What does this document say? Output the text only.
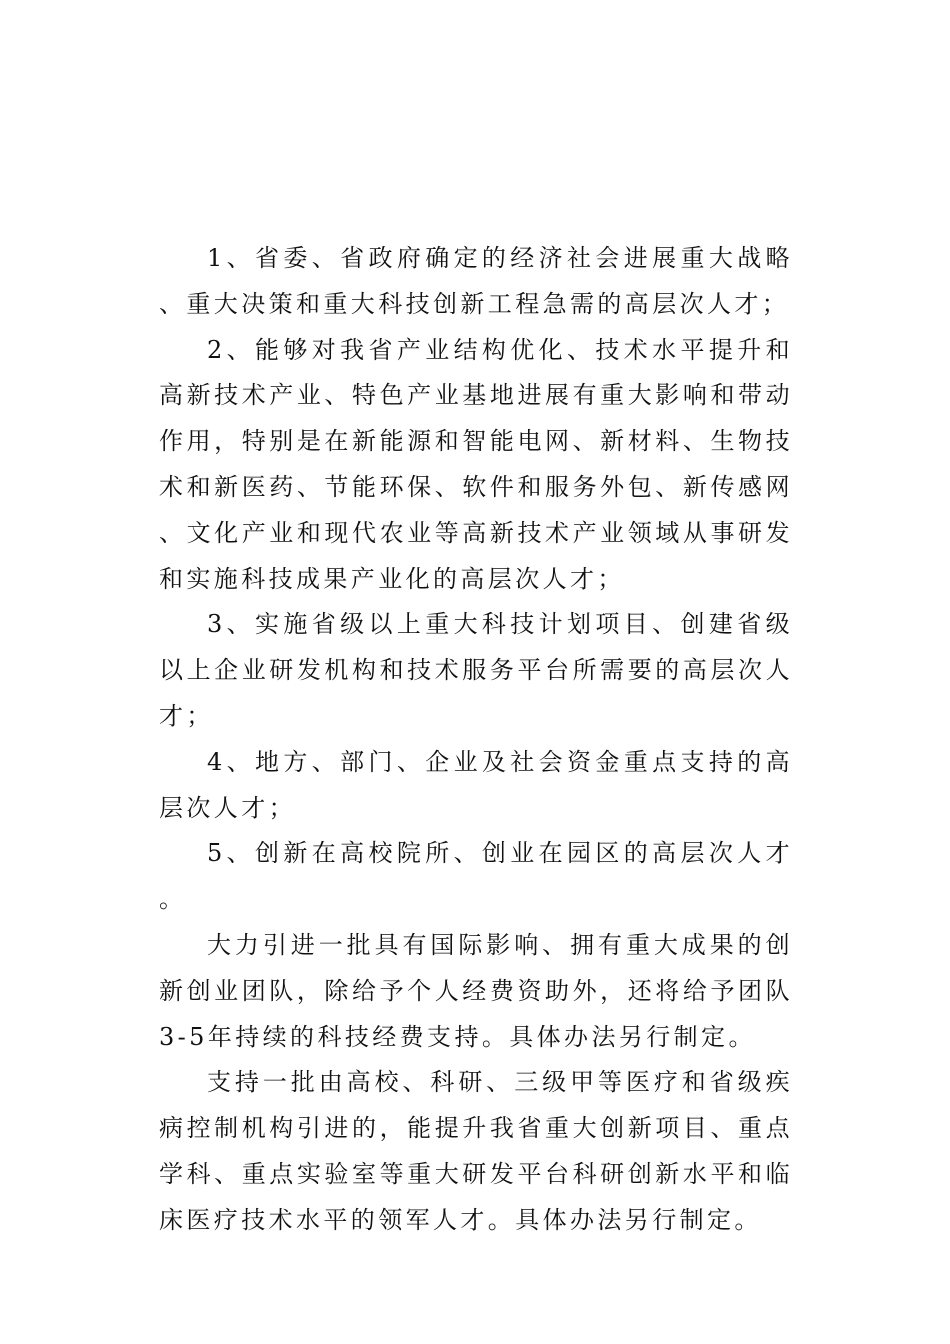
1、省委、省政府确定的经济社会进展重大战略、重大决策和重大科技创新工程急需的高层次人才；

2、能够对我省产业结构优化、技术水平提升和高新技术产业、特色产业基地进展有重大影响和带动作用，特别是在新能源和智能电网、新材料、生物技术和新医药、节能环保、软件和服务外包、新传感网、文化产业和现代农业等高新技术产业领域从事研发和实施科技成果产业化的高层次人才；

3、实施省级以上重大科技计划项目、创建省级以上企业研发机构和技术服务平台所需要的高层次人才；

4、地方、部门、企业及社会资金重点支持的高层次人才；

5、创新在高校院所、创业在园区的高层次人才。

大力引进一批具有国际影响、拥有重大成果的创新创业团队，除给予个人经费资助外，还将给予团队3-5年持续的科技经费支持。具体办法另行制定。

支持一批由高校、科研、三级甲等医疗和省级疾病控制机构引进的，能提升我省重大创新项目、重点学科、重点实验室等重大研发平台科研创新水平和临床医疗技术水平的领军人才。具体办法另行制定。
